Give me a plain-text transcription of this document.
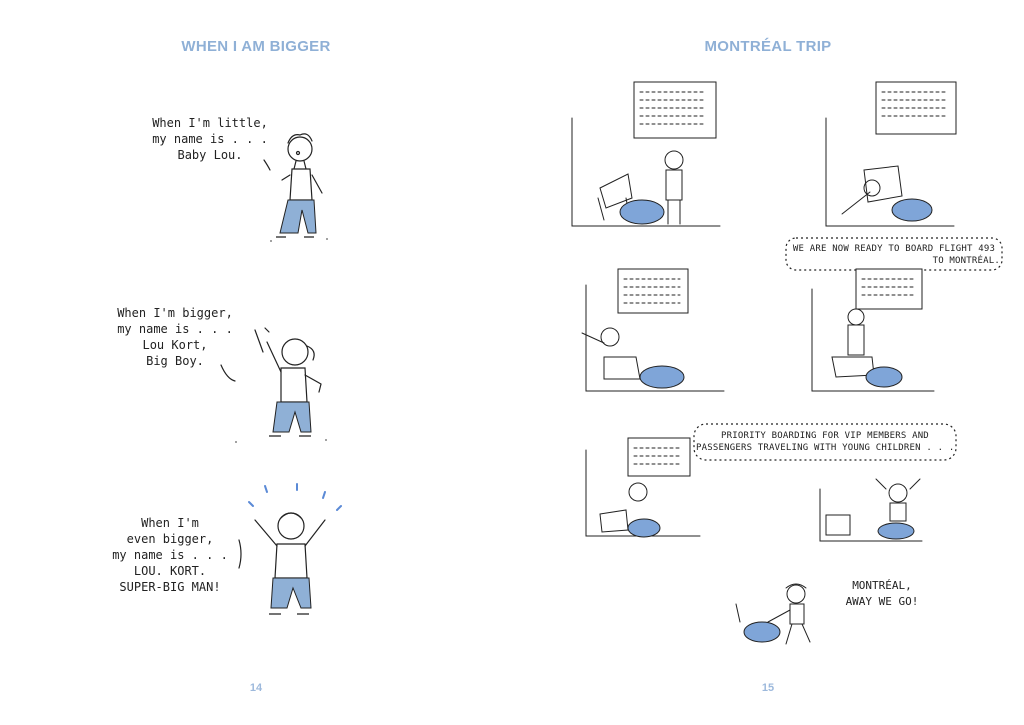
WHEN I AM BIGGER
When I'm little,
my name is . . .
Baby Lou.
When I'm bigger,
my name is . . .
Lou Kort,
Big Boy.
When I'm
even bigger,
my name is . . .
LOU. KORT.
SUPER-BIG MAN!
14
MONTRÉAL TRIP
WE ARE NOW READY TO BOARD FLIGHT 493
TO MONTRÉAL.
PRIORITY BOARDING FOR VIP MEMBERS AND
PASSENGERS TRAVELING WITH YOUNG CHILDREN . . .
MONTRÉAL,
AWAY WE GO!
15
